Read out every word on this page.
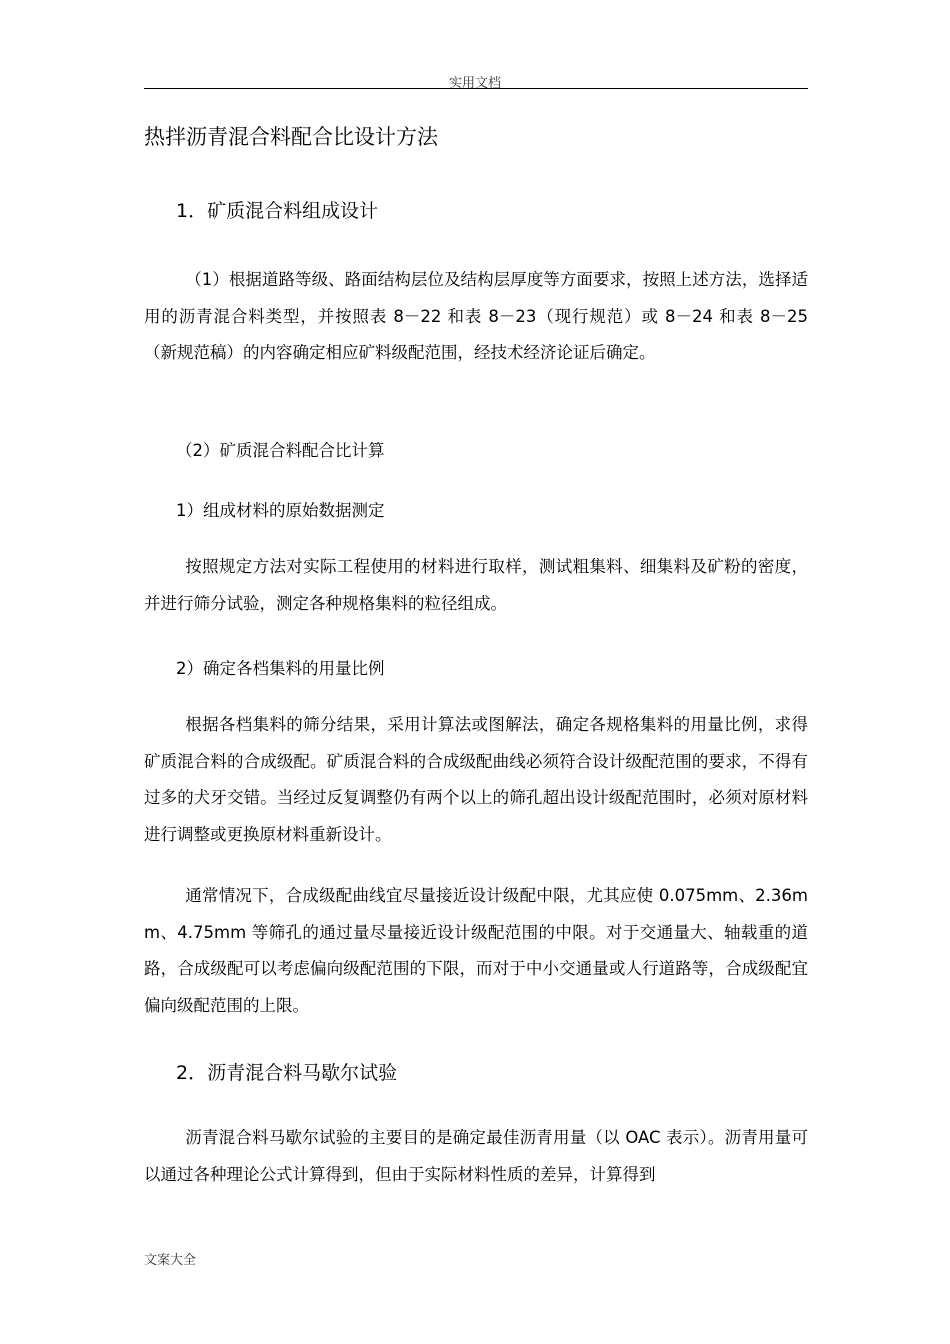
实用文档
热拌沥青混合料配合比设计方法
1．矿质混合料组成设计

（1）根据道路等级、路面结构层位及结构层厚度等方面要求，按照上述方法，选择适用的沥青混合料类型，并按照表 8－22 和表 8－23（现行规范）或 8－24 和表 8－25（新规范稿）的内容确定相应矿料级配范围，经技术经济论证后确定。

（2）矿质混合料配合比计算
1）组成材料的原始数据测定

按照规定方法对实际工程使用的材料进行取样，测试粗集料、细集料及矿粉的密度，并进行筛分试验，测定各种规格集料的粒径组成。

2）确定各档集料的用量比例

根据各档集料的筛分结果，采用计算法或图解法，确定各规格集料的用量比例，求得矿质混合料的合成级配。矿质混合料的合成级配曲线必须符合设计级配范围的要求，不得有过多的犬牙交错。当经过反复调整仍有两个以上的筛孔超出设计级配范围时，必须对原材料进行调整或更换原材料重新设计。

通常情况下，合成级配曲线宜尽量接近设计级配中限，尤其应使 0.075mm、2.36mm、4.75mm 等筛孔的通过量尽量接近设计级配范围的中限。对于交通量大、轴载重的道路，合成级配可以考虑偏向级配范围的下限，而对于中小交通量或人行道路等，合成级配宜偏向级配范围的上限。

2．沥青混合料马歇尔试验

沥青混合料马歇尔试验的主要目的是确定最佳沥青用量（以 OAC 表示）。沥青用量可以通过各种理论公式计算得到，但由于实际材料性质的差异，计算得到

文案大全
